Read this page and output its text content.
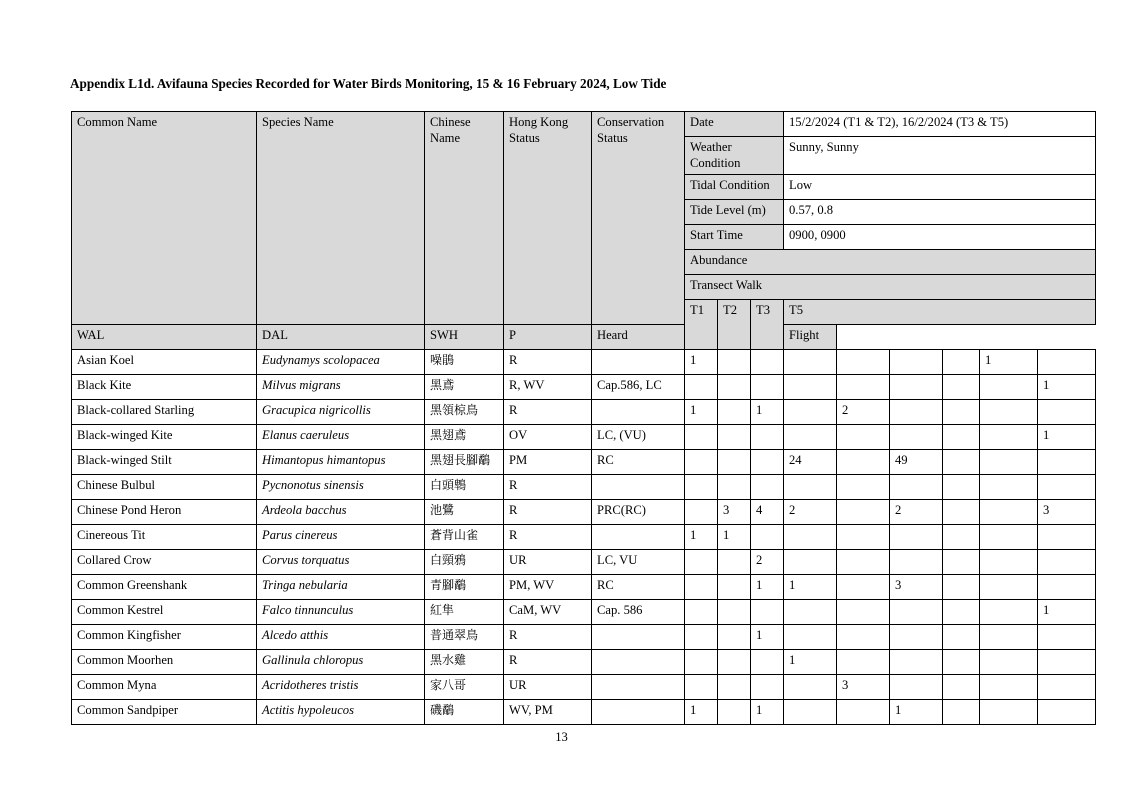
Appendix L1d. Avifauna Species Recorded for Water Birds Monitoring, 15 & 16 February 2024, Low Tide
Common Name	Species Name	Chinese Name	Hong Kong Status	Conservation Status	Date			15/2/2024 (T1 & T2), 16/2/2024 (T3 & T5)					
					Weather Condition			Sunny, Sunny					
					Tidal Condition			Low					
					Tide Level (m)			0.57, 0.8					
					Start Time			0900, 0900					
					Abundance								
					Transect Walk								
					T1	T2	T3	T5					
WAL	DAL	SWH	P	Heard				Flight					
Asian Koel	Eudynamys scolopacea	噪鵑	R		1							1	
Black Kite	Milvus migrans	黑鳶	R, WV	Cap.586, LC									1
Black-collared Starling	Gracupica nigricollis	黑領椋鳥	R		1		1		2				
Black-winged Kite	Elanus caeruleus	黑翅鳶	OV	LC, (VU)									1
Black-winged Stilt	Himantopus himantopus	黑翅長腳鷸	PM	RC				24		49			
Chinese Bulbul	Pycnonotus sinensis	白頭鵯	R										
Chinese Pond Heron	Ardeola bacchus	池鷺	R	PRC(RC)		3	4	2		2			3
Cinereous Tit	Parus cinereus	蒼背山雀	R		1	1							
Collared Crow	Corvus torquatus	白頸鴉	UR	LC, VU			2						
Common Greenshank	Tringa nebularia	青腳鷸	PM, WV	RC			1	1		3			
Common Kestrel	Falco tinnunculus	紅隼	CaM, WV	Cap. 586									1
Common Kingfisher	Alcedo atthis	普通翠鳥	R				1						
Common Moorhen	Gallinula chloropus	黑水雞	R					1					
Common Myna	Acridotheres tristis	家八哥	UR						3				
Common Sandpiper	Actitis hypoleucos	磯鷸	WV, PM		1		1			1			
13
